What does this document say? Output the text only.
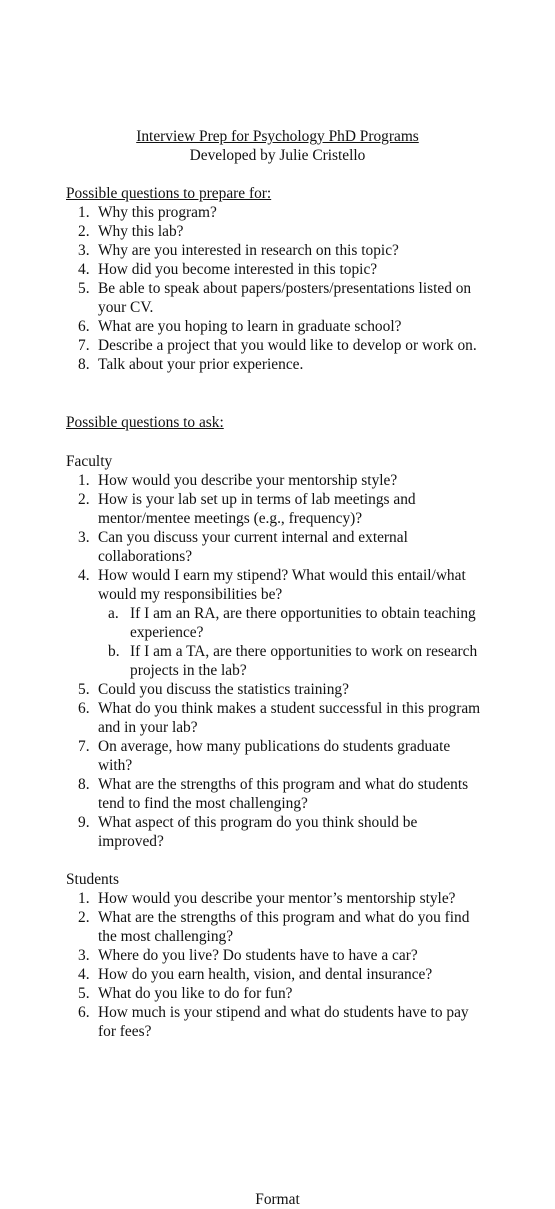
Interview Prep for Psychology PhD Programs
Developed by Julie Cristello
Possible questions to prepare for:
1. Why this program?
2. Why this lab?
3. Why are you interested in research on this topic?
4. How did you become interested in this topic?
5. Be able to speak about papers/posters/presentations listed on your CV.
6. What are you hoping to learn in graduate school?
7. Describe a project that you would like to develop or work on.
8. Talk about your prior experience.
Possible questions to ask:
Faculty
1. How would you describe your mentorship style?
2. How is your lab set up in terms of lab meetings and mentor/mentee meetings (e.g., frequency)?
3. Can you discuss your current internal and external collaborations?
4. How would I earn my stipend? What would this entail/what would my responsibilities be?
a. If I am an RA, are there opportunities to obtain teaching experience?
b. If I am a TA, are there opportunities to work on research projects in the lab?
5. Could you discuss the statistics training?
6. What do you think makes a student successful in this program and in your lab?
7. On average, how many publications do students graduate with?
8. What are the strengths of this program and what do students tend to find the most challenging?
9. What aspect of this program do you think should be improved?
Students
1. How would you describe your mentor’s mentorship style?
2. What are the strengths of this program and what do you find the most challenging?
3. Where do you live? Do students have to have a car?
4. How do you earn health, vision, and dental insurance?
5. What do you like to do for fun?
6. How much is your stipend and what do students have to pay for fees?
Format
